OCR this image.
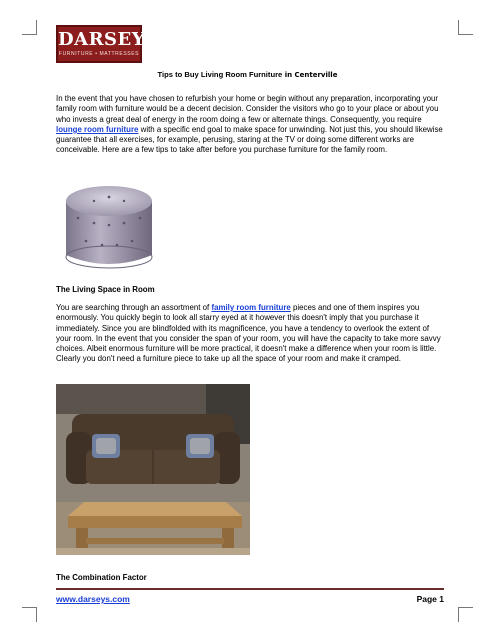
DARSEY'S
FURNITURE • MATTRESSES
Tips to Buy Living Room Furniture in Centerville

In the event that you have chosen to refurbish your home or begin without any preparation, incorporating your family room with furniture would be a decent decision. Consider the visitors who go to your place or about you who invests a great deal of energy in the room doing a few or alternate things. Consequently, you require lounge room furniture with a specific end goal to make space for unwinding. Not just this, you should likewise guarantee that all exercises, for example, perusing, staring at the TV or doing some different works are conceivable. Here are a few tips to take after before you purchase furniture for the family room.

The Living Space in Room

You are searching through an assortment of family room furniture pieces and one of them inspires you enormously. You quickly begin to look all starry eyed at it however this doesn't imply that you purchase it immediately. Since you are blindfolded with its magnificence, you have a tendency to overlook the extent of your room. In the event that you consider the span of your room, you will have the capacity to take more savvy choices. Albeit enormous furniture will be more practical, it doesn't make a difference when your room is little. Clearly you don't need a furniture piece to take up all the space of your room and make it cramped.

The Combination Factor
www.darseys.com	Page 1
